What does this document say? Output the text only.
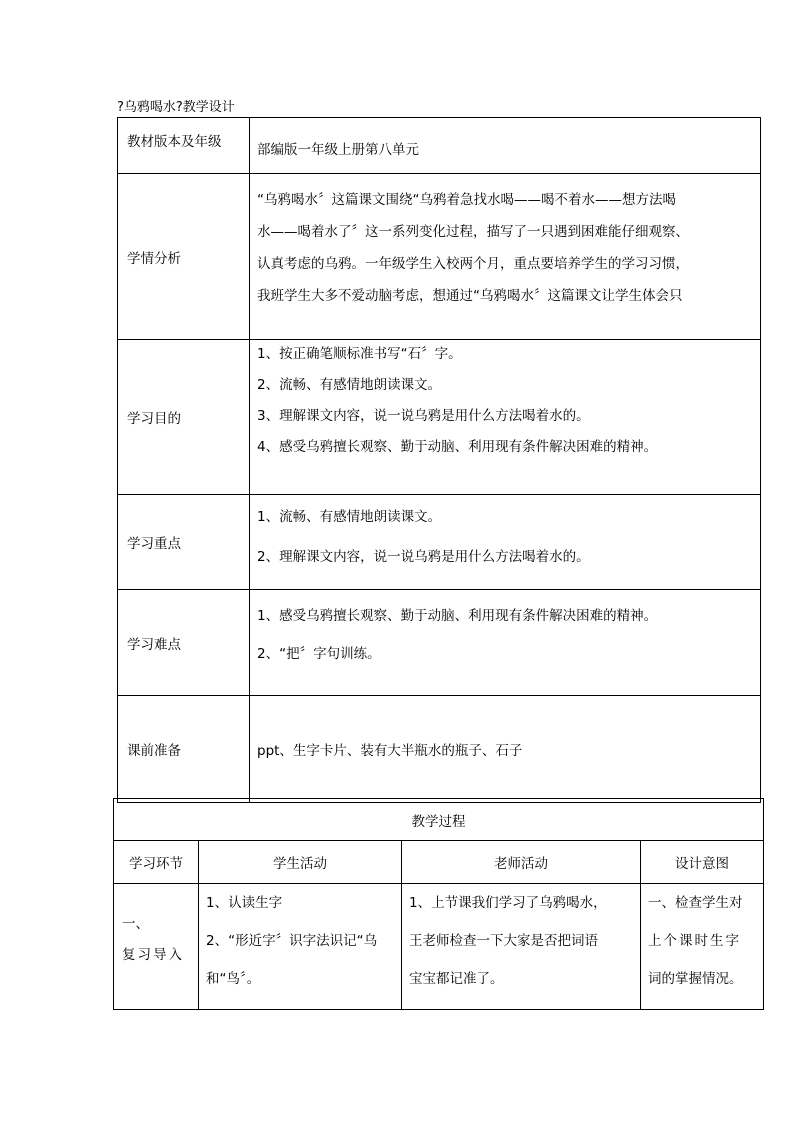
?乌鸦喝水?教学设计
教材版本及年级	部编版一年级上册第八单元
学情分析	“乌鸦喝水〞这篇课文围绕“乌鸦着急找水喝——喝不着水——想方法喝
水——喝着水了〞这一系列变化过程，描写了一只遇到困难能仔细观察、
认真考虑的乌鸦。一年级学生入校两个月，重点要培养学生的学习习惯，
我班学生大多不爱动脑考虑，想通过“乌鸦喝水〞这篇课文让学生体会只

学习目的	1、按正确笔顺标准书写“石〞字。
2、流畅、有感情地朗读课文。
3、理解课文内容，说一说乌鸦是用什么方法喝着水的。
4、感受乌鸦擅长观察、勤于动脑、利用现有条件解决困难的精神。

学习重点	1、流畅、有感情地朗读课文。
2、理解课文内容，说一说乌鸦是用什么方法喝着水的。

学习难点	1、感受乌鸦擅长观察、勤于动脑、利用现有条件解决困难的精神。
2、“把〞字句训练。

课前准备	ppt、生字卡片、装有大半瓶水的瓶子、石子
教学过程			
学习环节	学生活动	老师活动	设计意图

一、
复习导入	1、认读生字
2、“形近字〞识字法识记“乌
和“鸟〞。	1、上节课我们学习了乌鸦喝水，
王老师检查一下大家是否把词语
宝宝都记准了。	一、检查学生对
上个课时生字
词的掌握情况。
